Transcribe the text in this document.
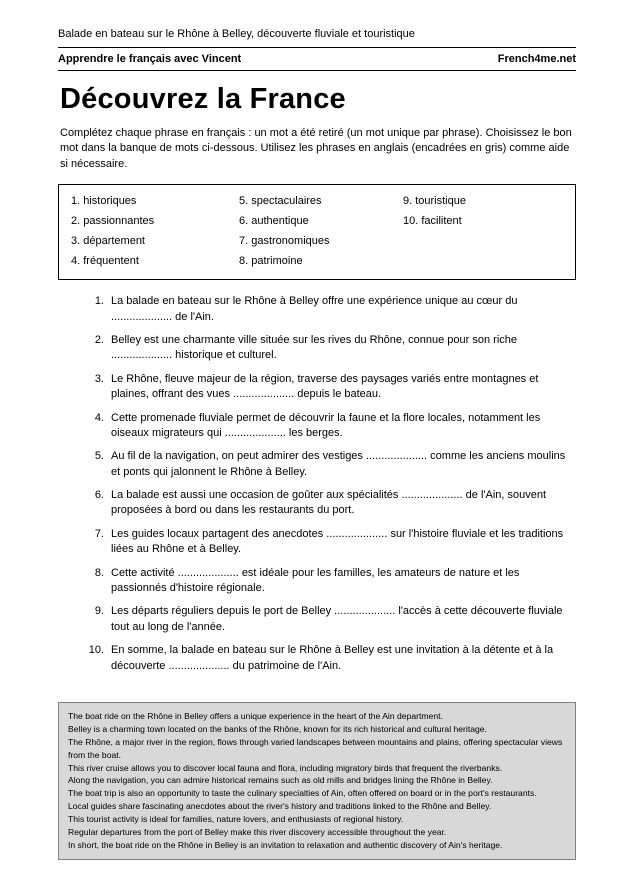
Balade en bateau sur le Rhône à Belley, découverte fluviale et touristique
Apprendre le français avec Vincent	French4me.net
Découvrez la France

Complétez chaque phrase en français : un mot a été retiré (un mot unique par phrase). Choisissez le bon mot dans la banque de mots ci-dessous. Utilisez les phrases en anglais (encadrées en gris) comme aide si nécessaire.

1. historiques
2. passionnantes
3. département
4. fréquentent
5. spectaculaires
6. authentique
7. gastronomiques
8. patrimoine
9. touristique
10. facilitent
1. La balade en bateau sur le Rhône à Belley offre une expérience unique au cœur du .................... de l'Ain.
2. Belley est une charmante ville située sur les rives du Rhône, connue pour son riche .................... historique et culturel.
3. Le Rhône, fleuve majeur de la région, traverse des paysages variés entre montagnes et plaines, offrant des vues .................... depuis le bateau.
4. Cette promenade fluviale permet de découvrir la faune et la flore locales, notamment les oiseaux migrateurs qui .................... les berges.
5. Au fil de la navigation, on peut admirer des vestiges .................... comme les anciens moulins et ponts qui jalonnent le Rhône à Belley.
6. La balade est aussi une occasion de goûter aux spécialités .................... de l'Ain, souvent proposées à bord ou dans les restaurants du port.
7. Les guides locaux partagent des anecdotes .................... sur l'histoire fluviale et les traditions liées au Rhône et à Belley.
8. Cette activité .................... est idéale pour les familles, les amateurs de nature et les passionnés d'histoire régionale.
9. Les départs réguliers depuis le port de Belley .................... l'accès à cette découverte fluviale tout au long de l'année.
10. En somme, la balade en bateau sur le Rhône à Belley est une invitation à la détente et à la découverte .................... du patrimoine de l'Ain.
The boat ride on the Rhône in Belley offers a unique experience in the heart of the Ain department.
Belley is a charming town located on the banks of the Rhône, known for its rich historical and cultural heritage.
The Rhône, a major river in the region, flows through varied landscapes between mountains and plains, offering spectacular views from the boat.
This river cruise allows you to discover local fauna and flora, including migratory birds that frequent the riverbanks.
Along the navigation, you can admire historical remains such as old mills and bridges lining the Rhône in Belley.
The boat trip is also an opportunity to taste the culinary specialties of Ain, often offered on board or in the port's restaurants.
Local guides share fascinating anecdotes about the river's history and traditions linked to the Rhône and Belley.
This tourist activity is ideal for families, nature lovers, and enthusiasts of regional history.
Regular departures from the port of Belley make this river discovery accessible throughout the year.
In short, the boat ride on the Rhône in Belley is an invitation to relaxation and authentic discovery of Ain's heritage.
